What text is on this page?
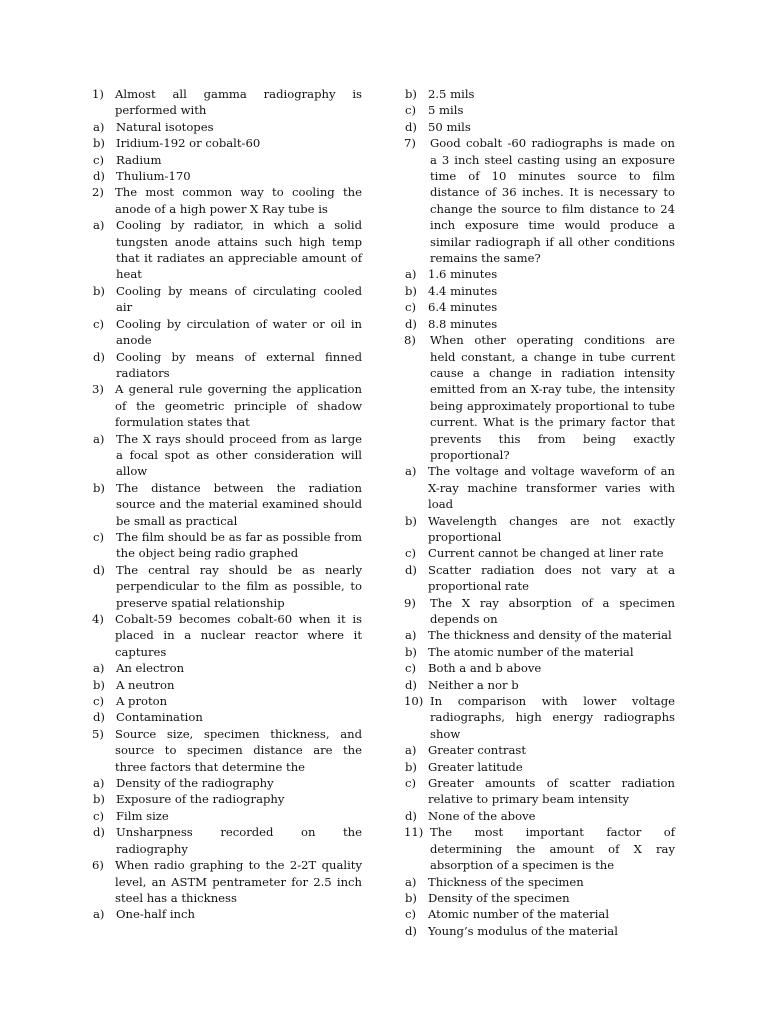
1) Almost all gamma radiography is performed with
a) Natural isotopes
b) Iridium-192 or cobalt-60
c)	Radium
d) Thulium-170
2) The most common way to cooling the anode of a high power X Ray tube is
a) Cooling by radiator, in which a solid tungsten anode attains such high temp that it radiates an appreciable amount of heat
b) Cooling by means of circulating cooled air
c)	Cooling by circulation of water or oil in anode
d) Cooling by means of external finned radiators
3) A general rule governing the application of the geometric principle of shadow formulation states that
a) The X rays should proceed from as large a focal spot as other consideration will allow
b) The distance between the radiation source and the material examined should be small as practical
c)	The film should be as far as possible from the object being radio graphed
d) The central ray should be as nearly perpendicular to the film as possible, to preserve spatial relationship
4) Cobalt-59 becomes cobalt-60 when it is placed in a nuclear reactor where it captures
a) An electron
b) A neutron
c)	A proton
d) Contamination
5) Source size, specimen thickness, and source to specimen distance are the three factors that determine the
a) Density of the radiography
b) Exposure of the radiography
c)	Film size
d) Unsharpness recorded on the radiography
6) When radio graphing to the 2-2T quality level, an ASTM pentrameter for 2.5 inch steel has a thickness
a) One-half inch
b) 2.5 mils
c)	5 mils
d) 50 mils
7)	Good cobalt -60 radiographs is made on a 3 inch steel casting using an exposure time of 10 minutes source to film distance of 36 inches. It is necessary to change the source to film distance to 24 inch exposure time would produce a similar radiograph if all other conditions remains the same?
a) 1.6 minutes
b) 4.4 minutes
c)	6.4 minutes
d) 8.8 minutes
8)	When other operating conditions are held constant, a change in tube current cause a change in radiation intensity emitted from an X-ray tube, the intensity being approximately proportional to tube current. What is the primary factor that prevents this from being exactly proportional?
a) The voltage and voltage waveform of an X-ray machine transformer varies with load
b) Wavelength changes are not exactly proportional
c)	Current cannot be changed at liner rate
d) Scatter radiation does not vary at a proportional rate
9)	The X ray absorption of a specimen depends on
a) The thickness and density of the material
b) The atomic number of the material
c)	Both a and b above
d) Neither a nor b
10) In comparison with lower voltage radiographs, high energy radiographs show
a) Greater contrast
b) Greater latitude
c)	Greater amounts of scatter radiation relative to primary beam intensity
d) None of the above
11) The most important factor of determining the amount of X ray absorption of a specimen is the
a) Thickness of the specimen
b) Density of the specimen
c)	Atomic number of the material
d) Young’s modulus of the material
